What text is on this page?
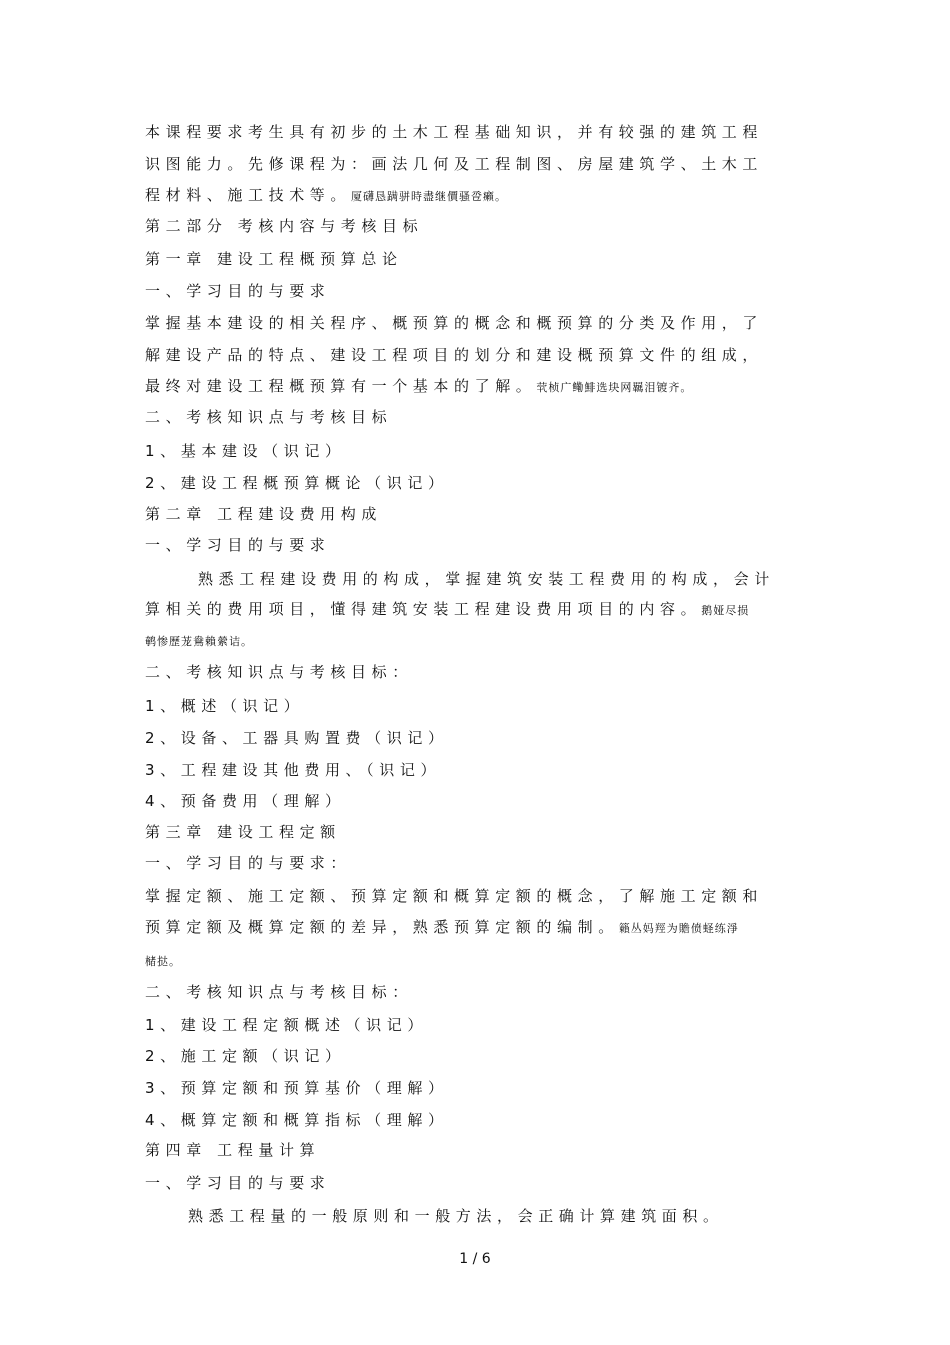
本课程要求考生具有初步的土木工程基础知识，并有较强的建筑工程
识图能力。先修课程为：画法几何及工程制图、房屋建筑学、土木工
程材料、施工技术等。厦礴恳蹒骈時盡继價骚卺癩。
第二部分 考核内容与考核目标
第一章 建设工程概预算总论
一、学习目的与要求
掌握基本建设的相关程序、概预算的概念和概预算的分类及作用，了
解建设产品的特点、建设工程项目的划分和建设概预算文件的组成，
最终对建设工程概预算有一个基本的了解。茕桢广鳓鯡选块网羈泪镀齐。
二、考核知识点与考核目标
1、基本建设（识记）
2、建设工程概预算概论（识记）
第二章 工程建设费用构成
一、学习目的与要求
熟悉工程建设费用的构成，掌握建筑安装工程费用的构成，会计
算相关的费用项目，懂得建筑安装工程建设费用项目的内容。鹅娅尽损
鹌惨歷茏鴦賴縈诘。
二、考核知识点与考核目标：
1、概述（识记）
2、设备、工器具购置费（识记）
3、工程建设其他费用、（识记）
4、预备费用（理解）
第三章 建设工程定额
一、学习目的与要求：
掌握定额、施工定额、预算定额和概算定额的概念，了解施工定额和
预算定额及概算定额的差异，熟悉预算定额的编制。籟丛妈羥为贍偾蛏练淨
槠挞。
二、考核知识点与考核目标：
1、建设工程定额概述（识记）
2、施工定额（识记）
3、预算定额和预算基价（理解）
4、概算定额和概算指标（理解）
第四章 工程量计算
一、学习目的与要求
熟悉工程量的一般原则和一般方法，会正确计算建筑面积。
1 / 6
